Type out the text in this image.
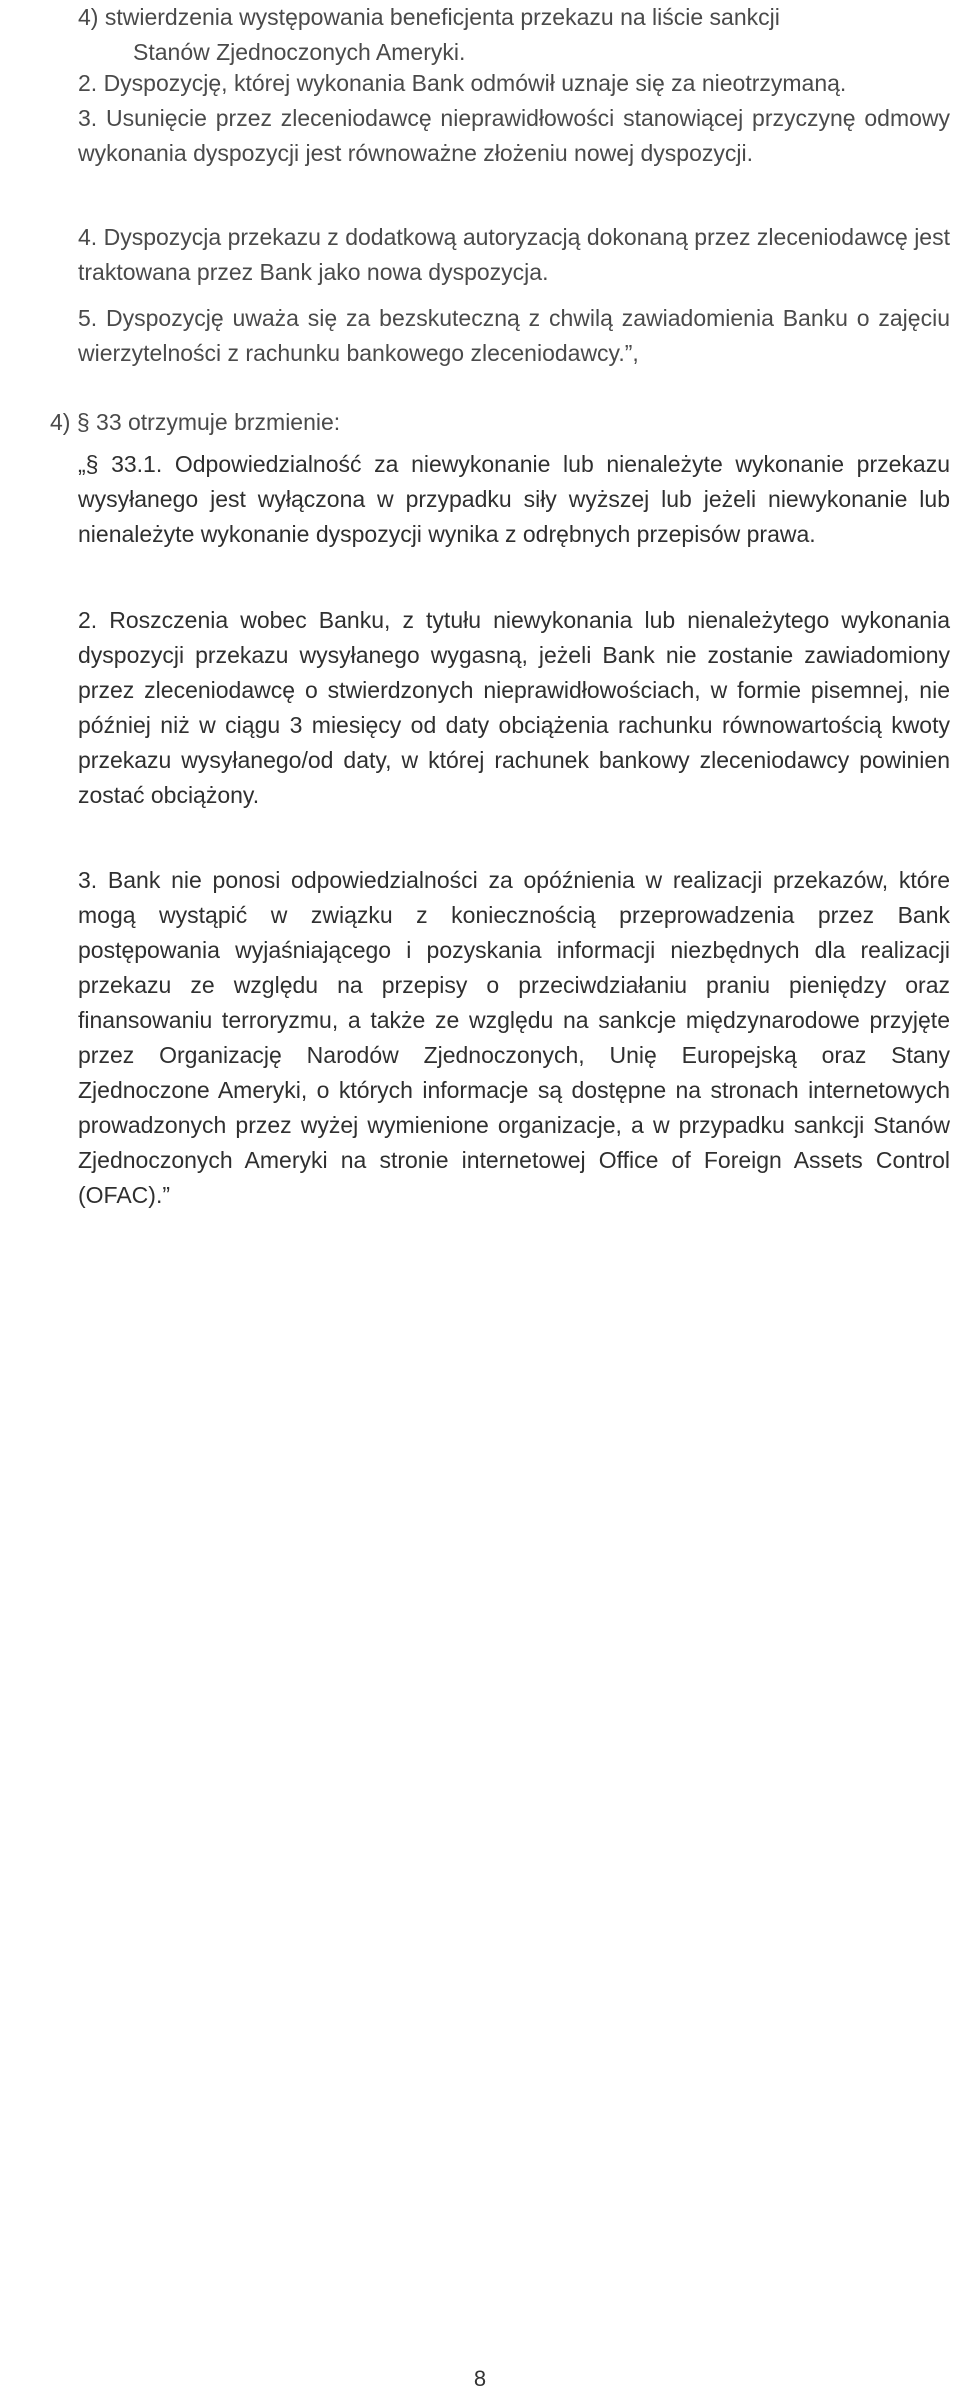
4) stwierdzenia występowania beneficjenta przekazu na liście sankcji
Stanów Zjednoczonych Ameryki.

2. Dyspozycję, której wykonania Bank odmówił uznaje się za nieotrzymaną.

3. Usunięcie przez zleceniodawcę nieprawidłowości stanowiącej przyczynę odmowy wykonania dyspozycji jest równoważne złożeniu nowej dyspozycji.

4. Dyspozycja przekazu z dodatkową autoryzacją dokonaną przez zleceniodawcę jest traktowana przez Bank jako nowa dyspozycja.

5. Dyspozycję uważa się za bezskuteczną z chwilą zawiadomienia Banku o zajęciu wierzytelności z rachunku bankowego zleceniodawcy.”,

4) § 33 otrzymuje brzmienie:

„§ 33.1. Odpowiedzialność za niewykonanie lub nienależyte wykonanie przekazu wysyłanego jest wyłączona w przypadku siły wyższej lub jeżeli niewykonanie lub nienależyte wykonanie dyspozycji wynika z odrębnych przepisów prawa.

2. Roszczenia wobec Banku, z tytułu niewykonania lub nienależytego wykonania dyspozycji przekazu wysyłanego wygasną, jeżeli Bank nie zostanie zawiadomiony przez zleceniodawcę o stwierdzonych nieprawidłowościach, w formie pisemnej, nie później niż w ciągu 3 miesięcy od daty obciążenia rachunku równowartością kwoty przekazu wysyłanego/od daty, w której rachunek bankowy zleceniodawcy powinien zostać obciążony.

3. Bank nie ponosi odpowiedzialności za opóźnienia w realizacji przekazów, które mogą wystąpić w związku z koniecznością przeprowadzenia przez Bank postępowania wyjaśniającego i pozyskania informacji niezbędnych dla realizacji przekazu ze względu na przepisy o przeciwdziałaniu praniu pieniędzy oraz finansowaniu terroryzmu, a także ze względu na sankcje międzynarodowe przyjęte przez Organizację Narodów Zjednoczonych, Unię Europejską oraz Stany Zjednoczone Ameryki, o których informacje są dostępne na stronach internetowych prowadzonych przez wyżej wymienione organizacje, a w przypadku sankcji Stanów Zjednoczonych Ameryki na stronie internetowej Office of Foreign Assets Control (OFAC).”

8
